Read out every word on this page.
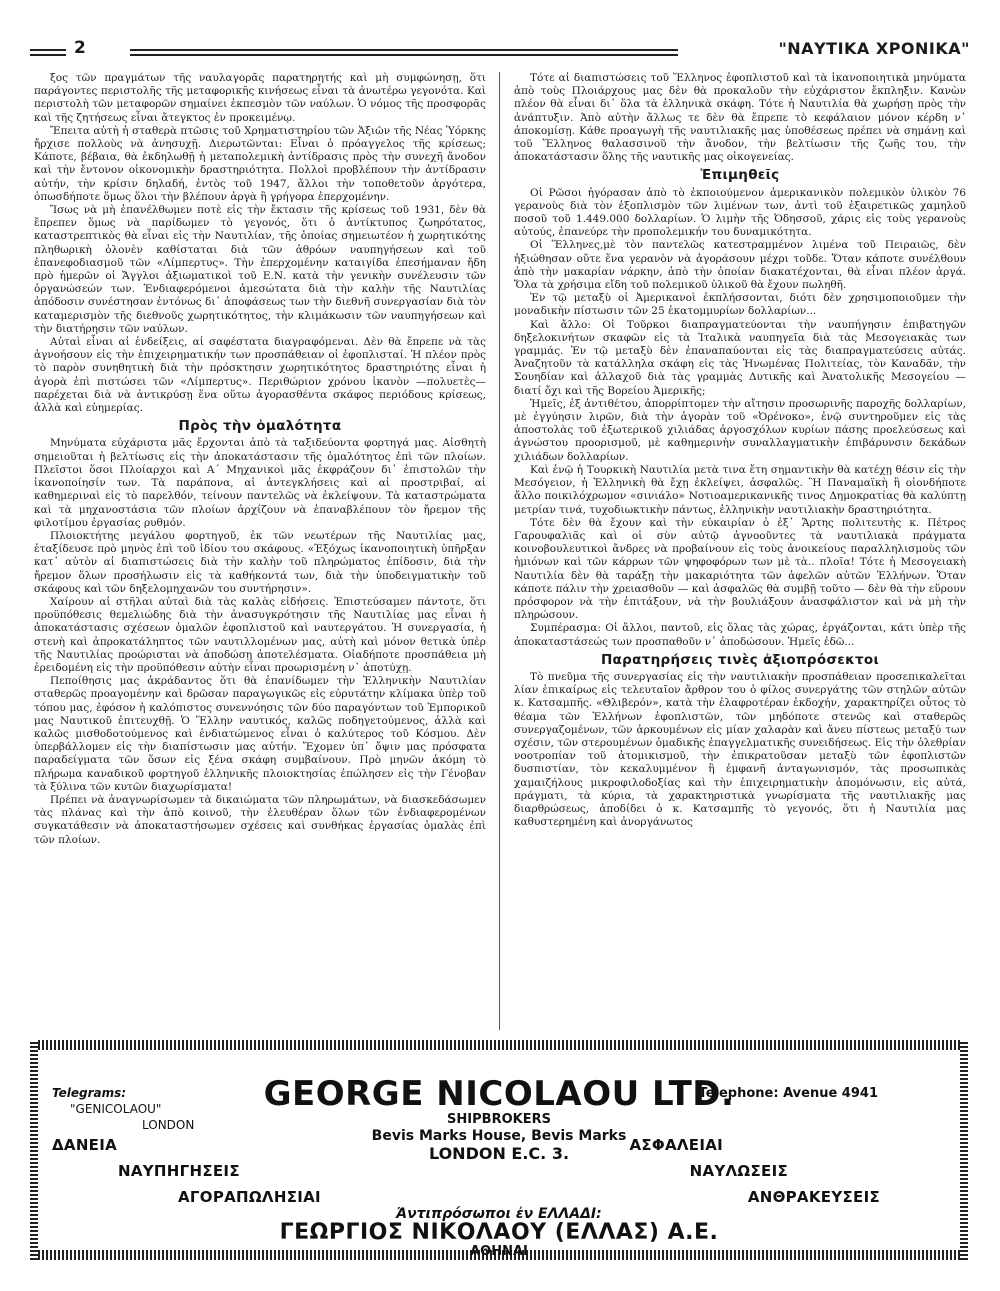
2	"ΝΑΥΤΙΚΑ ΧΡΟΝΙΚΑ"

ξος τῶν πραγμάτων τῆς ναυλαγορᾶς παρατηρητής καὶ μὴ συμφώνησῃ, ὅτι παράγοντες περιστολῆς τῆς μεταφορικῆς κινήσεως εἶναι τὰ ἀνωτέρω γεγονότα. Καὶ περιστολὴ τῶν μεταφορῶν σημαίνει ἐκπεσμὸν τῶν ναύλων. Ὁ νόμος τῆς προσφορᾶς καὶ τῆς ζητήσεως εἶναι ἄτεγκτος ἐν προκειμένῳ.

Ἔπειτα αὐτὴ ἡ σταθερὰ πτῶσις τοῦ Χρηματιστηρίου τῶν Ἀξιῶν τῆς Νέας Ὑόρκης ἤρχισε πολλοὺς νὰ ἀνησυχῇ. Διερωτῶνται: Εἶναι ὁ πρόαγγελος τῆς κρίσεως; Κάποτε, βέβαια, θὰ ἐκδηλωθῇ ἡ μεταπολεμικὴ ἀντίδρασις πρὸς τὴν συνεχῆ ἄνοδον καὶ τὴν ἔντονον οἰκονομικὴν δραστηριότητα. Πολλοὶ προβλέπουν τὴν ἀντίδρασιν αὐτήν, τὴν κρίσιν δηλαδή, ἐντὸς τοῦ 1947, ἄλλοι τὴν τοποθετοῦν ἀργότερα, ὁπωσδήποτε ὅμως ὅλοι τὴν βλέπουν ἀργὰ ἢ γρήγορα ἐπερχομένην.

Ἴσως νὰ μὴ ἐπανέλθωμεν ποτὲ εἰς τὴν ἔκτασιν τῆς κρίσεως τοῦ 1931, δὲν θὰ ἔπρεπεν ὅμως νὰ παρίδωμεν τὸ γεγονός, ὅτι ὁ ἀντίκτυπος ζωηρότατος, καταστρεπτικὸς θὰ εἶναι εἰς τὴν Ναυτιλίαν, τῆς ὁποίας σημειωτέον ἡ χωρητικότης πληθωρικὴ ὁλονὲν καθίσταται διὰ τῶν ἀθρόων ναυπηγήσεων καὶ τοῦ ἐπανεφοδιασμοῦ τῶν «Λίμπερτυς». Τὴν ἐπερχομένην καταιγίδα ἐπεσήμαναν ἤδη πρὸ ἡμερῶν οἱ Ἄγγλοι ἀξιωματικοὶ τοῦ Ε.Ν. κατὰ τὴν γενικὴν συνέλευσιν τῶν ὀργανώσεών των. Ἐνδιαφερόμενοι ἀμεσώτατα διὰ τὴν καλὴν τῆς Ναυτιλίας ἀπόδοσιν συνέστησαν ἐντόνως δι᾿ ἀποφάσεως των τὴν διεθνῆ συνεργασίαν διὰ τὸν καταμερισμὸν τῆς διεθνοῦς χωρητικότητος, τὴν κλιμάκωσιν τῶν ναυπηγήσεων καὶ τὴν διατήρησιν τῶν ναύλων.

Αὐταὶ εἶναι αἱ ἐνδείξεις, αἱ σαφέστατα διαγραφόμεναι. Δὲν θὰ ἔπρεπε νὰ τὰς ἀγνοήσουν εἰς τὴν ἐπιχειρηματικήν των προσπάθειαν οἱ ἐφοπλισταί. Ἡ πλέον πρὸς τὸ παρὸν συνηθητικὴ διὰ τὴν πρόσκτησιν χωρητικότητος δραστηριότης εἶναι ἡ ἀγορὰ ἐπὶ πιστώσει τῶν «Λίμπερτυς». Περιθώριον χρόνου ἱκανὸν —πολυετὲς— παρέχεται διὰ νὰ ἀντικρύσῃ ἕνα οὕτω ἀγορασθέντα σκάφος περιόδους κρίσεως, ἀλλὰ καὶ εὐημερίας.

Πρὸς τὴν ὁμαλότητα

Μηνύματα εὐχάριστα μᾶς ἔρχονται ἀπὸ τὰ ταξιδεύοντα φορτηγά μας. Αἰσθητὴ σημειοῦται ἡ βελτίωσις εἰς τὴν ἀποκατάστασιν τῆς ὁμαλότητος ἐπὶ τῶν πλοίων. Πλεῖστοι ὅσοι Πλοίαρχοι καὶ Α΄ Μηχανικοὶ μᾶς ἐκφράζουν δι᾿ ἐπιστολῶν τὴν ἱκανοποίησίν των. Τὰ παράπονα, αἱ ἀντεγκλήσεις καὶ αἱ προστριβαί, αἱ καθημεριναὶ εἰς τὸ παρελθόν, τείνουν παντελῶς νὰ ἐκλείψουν. Τὰ καταστρώματα καὶ τὰ μηχανοστάσια τῶν πλοίων ἀρχίζουν νὰ ἐπαναβλέπουν τὸν ἤρεμον τῆς φιλοτίμου ἐργασίας ρυθμόν.

Πλοιοκτήτης μεγάλου φορτηγοῦ, ἐκ τῶν νεωτέρων τῆς Ναυτιλίας μας, ἐταξίδευσε πρὸ μηνὸς ἐπὶ τοῦ ἰδίου του σκάφους. «Ἐξόχως ἱκανοποιητικὴ ὑπῆρξαν κατ᾿ αὐτὸν αἱ διαπιστώσεις διὰ τὴν καλὴν τοῦ πληρώματος ἐπίδοσιν, διὰ τὴν ἤρεμον ὅλων προσήλωσιν εἰς τὰ καθήκοντά των, διὰ τὴν ὑποδειγματικὴν τοῦ σκάφους καὶ τῶν δηξελομηχανῶν του συντήρησιν».

Χαίρουν αἱ στῆλαι αὐταὶ διὰ τὰς καλὰς εἰδήσεις. Ἐπιστεύσαμεν πάντοτε, ὅτι προϋπόθεσις θεμελιώδης διὰ τὴν ἀνασυγκρότησιν τῆς Ναυτιλίας μας εἶναι ἡ ἀποκατάστασις σχέσεων ὁμαλῶν ἐφοπλιστοῦ καὶ ναυτεργάτου. Ἡ συνεργασία, ἡ στενὴ καὶ ἀπροκατάληπτος τῶν ναυτιλλομένων μας, αὐτὴ καὶ μόνον θετικὰ ὑπὲρ τῆς Ναυτιλίας προώρισται νὰ ἀποδώσῃ ἀποτελέσματα. Οἱαδήποτε προσπάθεια μὴ ἐρειδομένη εἰς τὴν προϋπόθεσιν αὐτὴν εἶναι προωρισμένη ν᾿ ἀποτύχῃ.

Πεποίθησις μας ἀκράδαντος ὅτι θὰ ἐπανίδωμεν τὴν Ἑλληνικὴν Ναυτιλίαν σταθερῶς προαγομένην καὶ δρῶσαν παραγωγικῶς εἰς εὐρυτάτην κλίμακα ὑπὲρ τοῦ τόπου μας, ἐφόσον ἡ καλόπιστος συνεννόησις τῶν δύο παραγόντων τοῦ Ἐμπορικοῦ μας Ναυτικοῦ ἐπιτευχθῇ. Ὁ Ἕλλην ναυτικός, καλῶς ποδηγετούμενος, ἀλλὰ καὶ καλῶς μισθοδοτούμενος καὶ ἐνδιατώμενος εἶναι ὁ καλύτερος τοῦ Κόσμου. Δὲν ὑπερβάλλομεν εἰς τὴν διαπίστωσιν μας αὐτήν. Ἔχομεν ὑπ᾿ ὄψιν μας πρόσφατα παραδείγματα τῶν ὅσων εἰς ξένα σκάφη συμβαίνουν. Πρὸ μηνῶν ἀκόμη τὸ πλήρωμα καναδικοῦ φορτηγοῦ ἑλληνικῆς πλοιοκτησίας ἐπώλησεν εἰς τὴν Γένοβαν τὰ ξύλινα τῶν κυτῶν διαχωρίσματα!

Πρέπει νὰ ἀναγνωρίσωμεν τὰ δικαιώματα τῶν πληρωμάτων, νὰ διασκεδάσωμεν τὰς πλάνας καὶ τὴν ἀπὸ κοινοῦ, τὴν ἐλευθέραν ὅλων τῶν ἐνδιαφερομένων συγκατάθεσιν νὰ ἀποκαταστήσωμεν σχέσεις καὶ συνθήκας ἐργασίας ὁμαλὰς ἐπὶ τῶν πλοίων.

Τότε αἱ διαπιστώσεις τοῦ Ἕλληνος ἐφοπλιστοῦ καὶ τὰ ἱκανοποιητικὰ μηνύματα ἀπὸ τοὺς Πλοιάρχους μας δὲν θὰ προκαλοῦν τὴν εὐχάριστον ἔκπληξιν. Κανὼν πλέον θὰ εἶναι δι᾿ ὅλα τὰ ἑλληνικὰ σκάφη. Τότε ἡ Ναυτιλία θὰ χωρήσῃ πρὸς τὴν ἀνάπτυξιν. Ἀπὸ αὐτὴν ἄλλως τε δὲν θὰ ἔπρεπε τὸ κεφάλαιον μόνον κέρδη ν᾿ ἀποκομίσῃ. Κάθε προαγωγὴ τῆς ναυτιλιακῆς μας ὑποθέσεως πρέπει νὰ σημάνῃ καὶ τοῦ Ἕλληνος θαλασσινοῦ τὴν ἄνοδον, τὴν βελτίωσιν τῆς ζωῆς του, τὴν ἀποκατάστασιν ὅλης τῆς ναυτικῆς μας οἰκογενείας.

Ἐπιμηθεῖς

Οἱ Ρῶσοι ἠγόρασαν ἀπὸ τὸ ἐκποιούμενον ἀμερικανικὸν πολεμικὸν ὑλικὸν 76 γερανοὺς διὰ τὸν ἐξοπλισμὸν τῶν λιμένων των, ἀντὶ τοῦ ἐξαιρετικῶς χαμηλοῦ ποσοῦ τοῦ 1.449.000 δολλαρίων. Ὁ λιμὴν τῆς Ὀδησσοῦ, χάρις εἰς τοὺς γερανοὺς αὐτούς, ἐπανεύρε τὴν προπολεμικήν του δυναμικότητα.

Οἱ Ἕλληνες,μὲ τὸν παντελῶς κατεστραμμένον λιμένα τοῦ Πειραιῶς, δὲν ἠξιώθησαν οὔτε ἕνα γερανὸν νὰ ἀγοράσουν μέχρι τοῦδε. Ὅταν κάποτε συνέλθουν ἀπὸ τὴν μακαρίαν νάρκην, ἀπὸ τὴν ὁποίαν διακατέχονται, θὰ εἶναι πλέον ἀργά. Ὅλα τὰ χρήσιμα εἴδη τοῦ πολεμικοῦ ὑλικοῦ θὰ ἔχουν πωληθῆ.

Ἐν τῷ μεταξὺ οἱ Ἀμερικανοὶ ἐκπλήσσονται, διότι δὲν χρησιμοποιοῦμεν τὴν μοναδικὴν πίστωσιν τῶν 25 ἑκατομμυρίων δολλαρίων...

Καὶ ἄλλο: Οἱ Τοῦρκοι διαπραγματεύονται τὴν ναυπήγησιν ἐπιβατηγῶν δηξελοκινήτων σκαφῶν εἰς τὰ Ἰταλικὰ ναυπηγεῖα διὰ τὰς Μεσογειακὰς των γραμμάς. Ἐν τῷ μεταξὺ δὲν ἐπαναπαύονται εἰς τὰς διαπραγματεύσεις αὐτάς. Ἀναζητοῦν τὰ κατάλληλα σκάφη εἰς τὰς Ἡνωμένας Πολιτείας, τὸν Καναδᾶν, τὴν Σουηδίαν καὶ ἀλλαχοῦ διὰ τὰς γραμμὰς Δυτικῆς καὶ Ἀνατολικῆς Μεσογείου — διατί ὄχι καὶ τῆς Βορείου Ἀμερικῆς;

Ἡμεῖς, ἐξ ἀντιθέτου, ἀπορρίπτομεν τὴν αἴτησιν προσωρινῆς παροχῆς δολλαρίων, μὲ ἐγγύησιν λιρῶν, διὰ τὴν ἀγορὰν τοῦ «Ὀρένοκο», ἐνῷ συντηροῦμεν εἰς τὰς ἀποστολὰς τοῦ ἐξωτερικοῦ χιλιάδας ἀργοσχόλων κυρίων πάσης προελεύσεως καὶ ἀγνώστου προορισμοῦ, μὲ καθημερινὴν συναλλαγματικὴν ἐπιβάρυνσιν δεκάδων χιλιάδων δολλαρίων.

Καὶ ἐνῷ ἡ Τουρκικὴ Ναυτιλία μετὰ τινα ἔτη σημαντικὴν θὰ κατέχῃ θέσιν εἰς τὴν Μεσόγειον, ἡ Ἑλληνικὴ θὰ ἔχῃ ἐκλείψει, ἀσφαλῶς. Ἢ Παναμαϊκὴ ἢ οἱονδήποτε ἄλλο ποικιλόχρωμον «σινιάλο» Νοτιοαμερικανικῆς τινος Δημοκρατίας θὰ καλύπτῃ μετρίαν τινά, τυχοδιωκτικὴν πάντως, ἑλληνικὴν ναυτιλιακὴν δραστηριότητα.

Τότε δὲν θὰ ἔχουν καὶ τὴν εὐκαιρίαν ὁ ἐξ᾿ Ἄρτης πολιτευτὴς κ. Πέτρος Γαρουφαλιᾶς καὶ οἱ σὺν αὐτῷ ἀγνοοῦντες τὰ ναυτιλιακὰ πράγματα κοινοβουλευτικοὶ ἄνδρες νὰ προβαίνουν εἰς τοὺς ἀνοικείους παραλληλισμοὺς τῶν ἡμιόνων καὶ τῶν κάρρων τῶν ψηφοφόρων των μὲ τὰ.. πλοῖα! Τότε ἡ Μεσογειακὴ Ναυτιλία δὲν θὰ ταράξῃ τὴν μακαριότητα τῶν ἀφελῶν αὐτῶν Ἑλλήνων. Ὅταν κάποτε πάλιν τὴν χρειασθοῦν — καὶ ἀσφαλῶς θὰ συμβῇ τοῦτο — δὲν θὰ τὴν εὕρουν πρόσφορον νὰ τὴν ἐπιτάξουν, νὰ τὴν βουλιάξουν ἀνασφάλιστον καὶ νὰ μὴ τὴν πληρώσουν.

Συμπέρασμα: Οἱ ἄλλοι, παντοῦ, εἰς ὅλας τὰς χώρας, ἐργάζονται, κάτι ὑπὲρ τῆς ἀποκαταστάσεώς των προσπαθοῦν ν᾿ ἀποδώσουν. Ἡμεῖς ἐδῶ...

Παρατηρήσεις τινὲς ἀξιοπρόσεκτοι

Τὸ πνεῦμα τῆς συνεργασίας εἰς τὴν ναυτιλιακὴν προσπάθειαν προσεπικαλεῖται λίαν ἐπικαίρως εἰς τελευταῖον ἄρθρον του ὁ φίλος συνεργάτης τῶν στηλῶν αὐτῶν κ. Κατσαμπῆς. «Θλιβερόν», κατὰ τὴν ἐλαφροτέραν ἐκδοχήν, χαρακτηρίζει οὗτος τὸ θέαμα τῶν Ἑλλήνων ἐφοπλιστῶν, τῶν μηδόποτε στενῶς καὶ σταθερῶς συνεργαζομένων, τῶν ἀρκουμένων εἰς μίαν χαλαρὰν καὶ ἄνευ πίστεως μεταξύ των σχέσιν, τῶν στερουμένων ὁμαδικῆς ἐπαγγελματικῆς συνειδήσεως. Εἰς τὴν ὀλεθρίαν νοοτροπίαν τοῦ ἀτομικισμοῦ, τὴν ἐπικρατοῦσαν μεταξὺ τῶν ἐφοπλιστῶν δυσπιστίαν, τὸν κεκαλυμμένον ἢ ἐμφανῆ ἀνταγωνισμόν, τὰς προσωπικὰς χαμαιζήλους μικροφιλοδοξίας καὶ τὴν ἐπιχειρηματικὴν ἀπομόνωσιν, εἰς αὐτά, πράγματι, τὰ κύρια, τὰ χαρακτηριστικὰ γνωρίσματα τῆς ναυτιλιακῆς μας διαρθρώσεως, ἀποδίδει ὁ κ. Κατσαμπῆς τὸ γεγονός, ὅτι ἡ Ναυτιλία μας καθυστερημένη καὶ ἀνοργάνωτος

Telegrams:
"GENICOLAOU"
LONDON
GEORGE NICOLAOU LTD.
Telephone: Avenue 4941
SHIPBROKERS
Bevis Marks House, Bevis Marks
LONDON E.C. 3.
ΔΑΝΕΙΑ
ΝΑΥΠΗΓΗΣΕΙΣ
ΑΓΟΡΑΠΩΛΗΣΙΑΙ
ΑΣΦΑΛΕΙΑΙ
ΝΑΥΛΩΣΕΙΣ
ΑΝΘΡΑΚΕΥΣΕΙΣ
Ἀντιπρόσωποι ἐν ΕΛΛΑΔΙ:
ΓΕΩΡΓΙΟΣ ΝΙΚΟΛΑΟΥ (ΕΛΛΑΣ) Α.Ε.
ΑΘΗΝΑΙ
